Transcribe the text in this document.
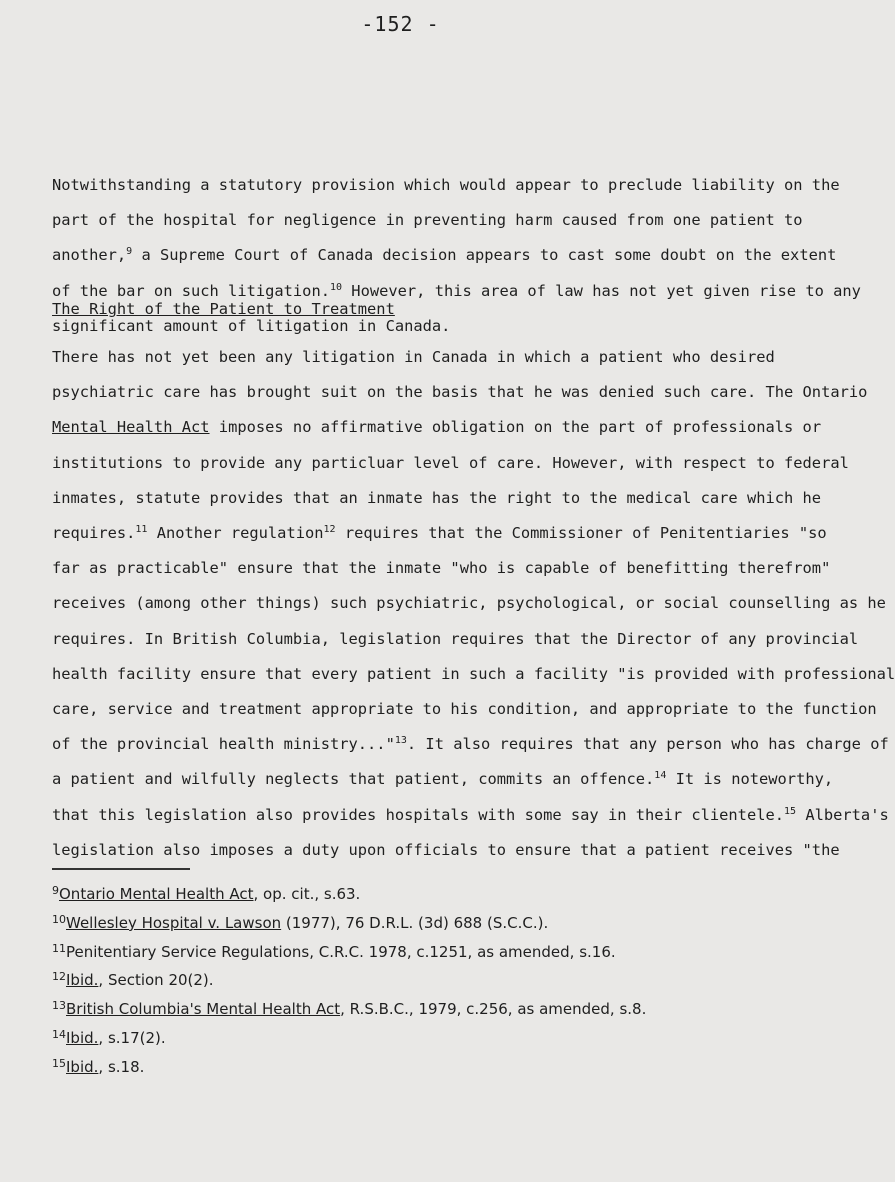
-152 -
Notwithstanding a statutory provision which would appear to preclude liability on the
part of the hospital for negligence in preventing harm caused from one patient to
another,$^9$ a Supreme Court of Canada decision appears to cast some doubt on the extent
of the bar on such litigation.$^{10}$ However, this area of law has not yet given rise to any
significant amount of litigation in Canada.
The Right of the Patient to Treatment
There has not yet been any litigation in Canada in which a patient who desired
psychiatric care has brought suit on the basis that he was denied such care. The Ontario
Mental Health Act imposes no affirmative obligation on the part of professionals or
institutions to provide any particluar level of care. However, with respect to federal
inmates, statute provides that an inmate has the right to the medical care which he
requires.$^{11}$ Another regulation$^{12}$ requires that the Commissioner of Penitentiaries "so
far as practicable" ensure that the inmate "who is capable of benefitting therefrom"
receives (among other things) such psychiatric, psychological, or social counselling as he
requires. In British Columbia, legislation requires that the Director of any provincial
health facility ensure that every patient in such a facility "is provided with professional
care, service and treatment appropriate to his condition, and appropriate to the function
of the provincial health ministry..."$^{13}$. It also requires that any person who has charge of
a patient and wilfully neglects that patient, commits an offence.$^{14}$ It is noteworthy,
that this legislation also provides hospitals with some say in their clientele.$^{15}$ Alberta's
legislation also imposes a duty upon officials to ensure that a patient receives "the
$^9$Ontario Mental Health Act, op. cit., s.63.
$^{10}$Wellesley Hospital v. Lawson (1977), 76 D.R.L. (3d) 688 (S.C.C.).
$^{11}$Penitentiary Service Regulations, C.R.C. 1978, c.1251, as amended, s.16.
$^{12}$Ibid., Section 20(2).
$^{13}$British Columbia's Mental Health Act, R.S.B.C., 1979, c.256, as amended, s.8.
$^{14}$Ibid., s.17(2).
$^{15}$Ibid., s.18.
